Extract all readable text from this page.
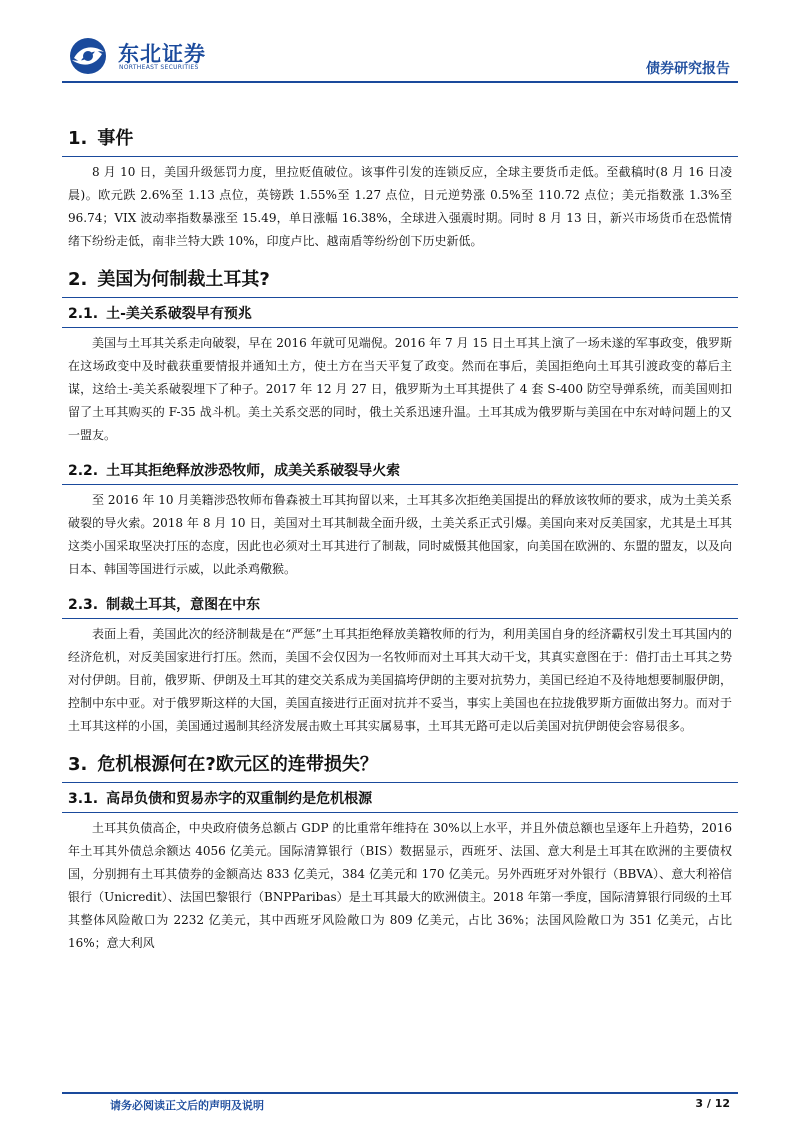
东北证券
NORTHEAST SECURITIES	债券研究报告
1. 事件

8 月 10 日，美国升级惩罚力度，里拉贬值破位。该事件引发的连锁反应，全球主要货币走低。至截稿时(8 月 16 日凌晨)。欧元跌 2.6%至 1.13 点位，英镑跌 1.55%至 1.27 点位，日元逆势涨 0.5%至 110.72 点位；美元指数涨 1.3%至 96.74；VIX 波动率指数暴涨至 15.49，单日涨幅 16.38%，全球进入强震时期。同时 8 月 13 日，新兴市场货币在恐慌情绪下纷纷走低，南非兰特大跌 10%，印度卢比、越南盾等纷纷创下历史新低。

2. 美国为何制裁土耳其?
2.1. 土-美关系破裂早有预兆

美国与土耳其关系走向破裂，早在 2016 年就可见端倪。2016 年 7 月 15 日土耳其上演了一场未遂的军事政变，俄罗斯在这场政变中及时截获重要情报并通知土方，使土方在当天平复了政变。然而在事后，美国拒绝向土耳其引渡政变的幕后主谋，这给土-美关系破裂埋下了种子。2017 年 12 月 27 日，俄罗斯为土耳其提供了 4 套 S-400 防空导弹系统，而美国则扣留了土耳其购买的 F-35 战斗机。美土关系交恶的同时，俄土关系迅速升温。土耳其成为俄罗斯与美国在中东对峙问题上的又一盟友。

2.2. 土耳其拒绝释放涉恐牧师，成美关系破裂导火索

至 2016 年 10 月美籍涉恐牧师布鲁森被土耳其拘留以来，土耳其多次拒绝美国提出的释放该牧师的要求，成为土美关系破裂的导火索。2018 年 8 月 10 日，美国对土耳其制裁全面升级，土美关系正式引爆。美国向来对反美国家，尤其是土耳其这类小国采取坚决打压的态度，因此也必须对土耳其进行了制裁，同时威慑其他国家，向美国在欧洲的、东盟的盟友，以及向日本、韩国等国进行示威，以此杀鸡儆猴。

2.3. 制裁土耳其，意图在中东

表面上看，美国此次的经济制裁是在“严惩”土耳其拒绝释放美籍牧师的行为，利用美国自身的经济霸权引发土耳其国内的经济危机，对反美国家进行打压。然而，美国不会仅因为一名牧师而对土耳其大动干戈，其真实意图在于：借打击土耳其之势对付伊朗。目前，俄罗斯、伊朗及土耳其的建交关系成为美国搞垮伊朗的主要对抗势力，美国已经迫不及待地想要制服伊朗，控制中东中亚。对于俄罗斯这样的大国，美国直接进行正面对抗并不妥当，事实上美国也在拉拢俄罗斯方面做出努力。而对于土耳其这样的小国，美国通过遏制其经济发展击败土耳其实属易事，土耳其无路可走以后美国对抗伊朗使会容易很多。

3. 危机根源何在?欧元区的连带损失？
3.1. 高昂负债和贸易赤字的双重制约是危机根源

土耳其负债高企，中央政府债务总额占 GDP 的比重常年维持在 30%以上水平，并且外债总额也呈逐年上升趋势，2016 年土耳其外债总余额达 4056 亿美元。国际清算银行（BIS）数据显示，西班牙、法国、意大利是土耳其在欧洲的主要债权国，分别拥有土耳其债券的金额高达 833 亿美元，384 亿美元和 170 亿美元。另外西班牙对外银行（BBVA）、意大利裕信银行（Unicredit）、法国巴黎银行（BNPParibas）是土耳其最大的欧洲债主。2018 年第一季度，国际清算银行同级的土耳其整体风险敞口为 2232 亿美元，其中西班牙风险敞口为 809 亿美元，占比 36%；法国风险敞口为 351 亿美元，占比 16%；意大利风

请务必阅读正文后的声明及说明	3 / 12
